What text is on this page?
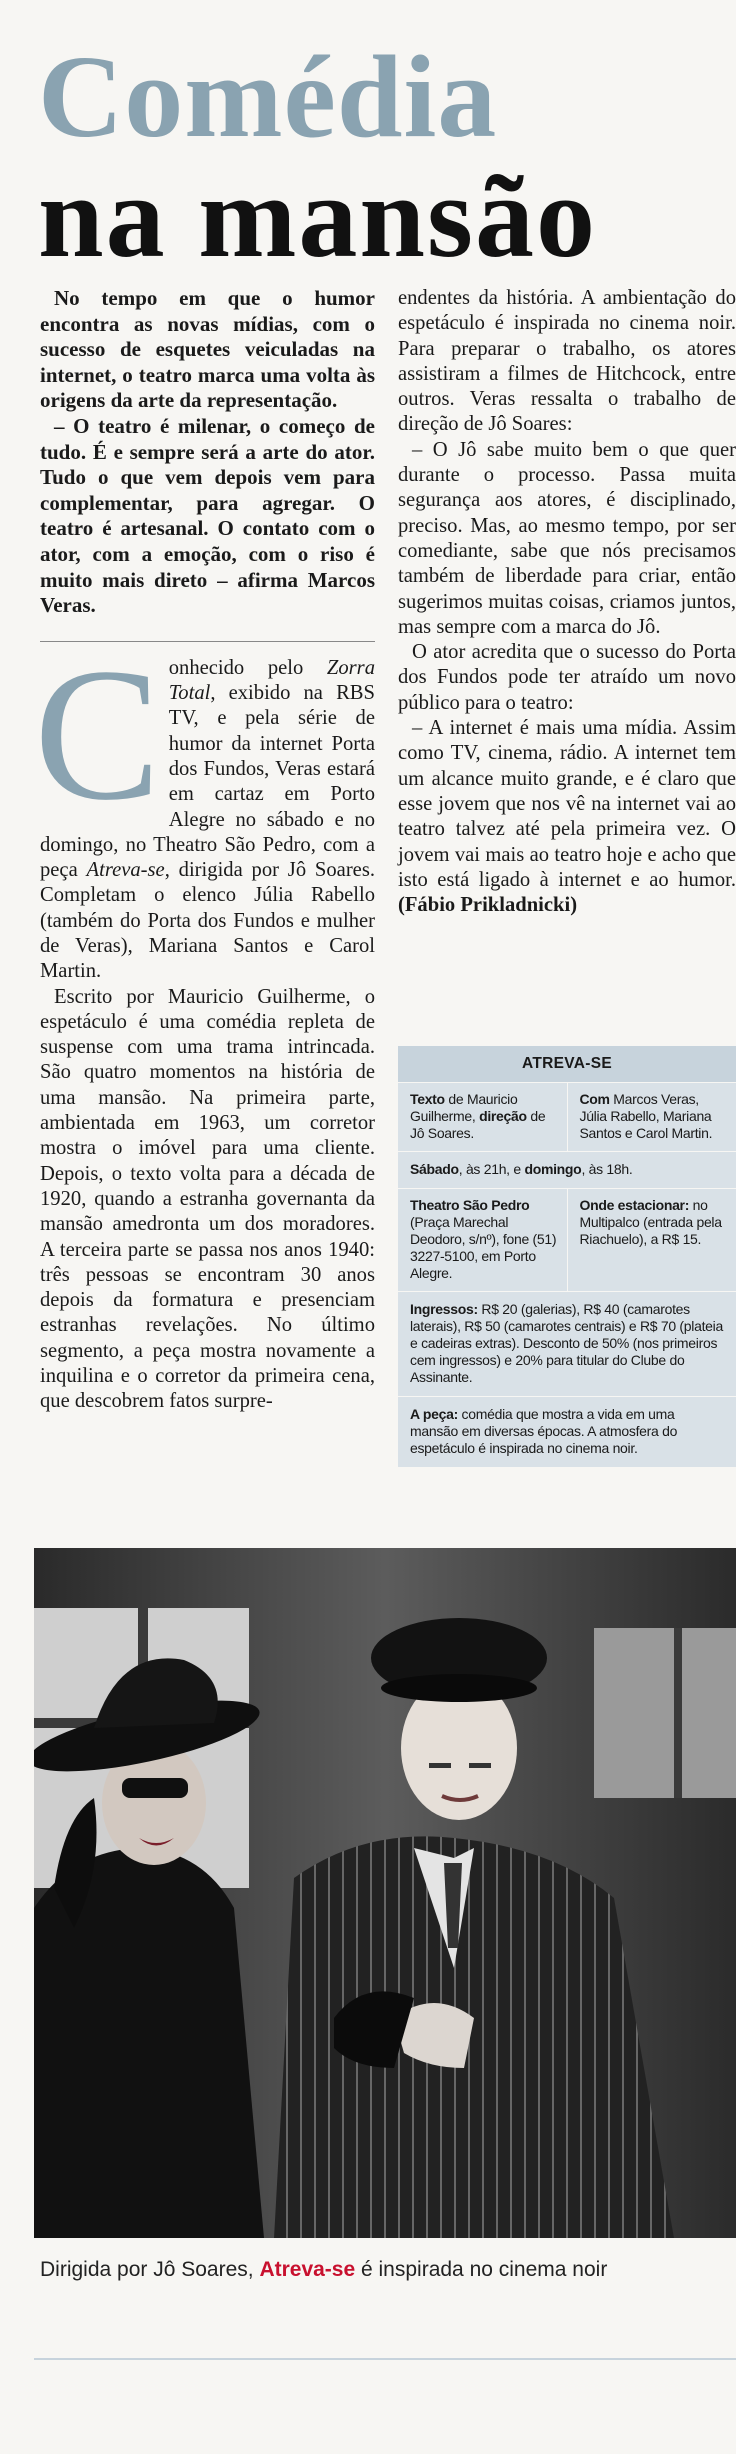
Comédia
na mansão

No tempo em que o humor encontra as novas mídias, com o sucesso de esquetes veiculadas na internet, o teatro marca uma volta às origens da arte da representação.

– O teatro é milenar, o começo de tudo. É e sempre será a arte do ator. Tudo o que vem depois vem para complementar, para agregar. O teatro é artesanal. O contato com o ator, com a emoção, com o riso é muito mais direto – afirma Marcos Veras.

Conhecido pelo Zorra Total, exibido na RBS TV, e pela série de humor da internet Porta dos Fundos, Veras estará em cartaz em Porto Alegre no sábado e no domingo, no Theatro São Pedro, com a peça Atreva-se, dirigida por Jô Soares. Completam o elenco Júlia Rabello (também do Porta dos Fundos e mulher de Veras), Mariana Santos e Carol Martin.

Escrito por Mauricio Guilherme, o espetáculo é uma comédia repleta de suspense com uma trama intrincada. São quatro momentos na história de uma mansão. Na primeira parte, ambientada em 1963, um corretor mostra o imóvel para uma cliente. Depois, o texto volta para a década de 1920, quando a estranha governanta da mansão amedronta um dos moradores. A terceira parte se passa nos anos 1940: três pessoas se encontram 30 anos depois da formatura e presenciam estranhas revelações. No último segmento, a peça mostra novamente a inquilina e o corretor da primeira cena, que descobrem fatos surpre-

endentes da história. A ambientação do espetáculo é inspirada no cinema noir. Para preparar o trabalho, os atores assistiram a filmes de Hitchcock, entre outros. Veras ressalta o trabalho de direção de Jô Soares:

– O Jô sabe muito bem o que quer durante o processo. Passa muita segurança aos atores, é disciplinado, preciso. Mas, ao mesmo tempo, por ser comediante, sabe que nós precisamos também de liberdade para criar, então sugerimos muitas coisas, criamos juntos, mas sempre com a marca do Jô.

O ator acredita que o sucesso do Porta dos Fundos pode ter atraído um novo público para o teatro:

– A internet é mais uma mídia. Assim como TV, cinema, rádio. A internet tem um alcance muito grande, e é claro que esse jovem que nos vê na internet vai ao teatro talvez até pela primeira vez. O jovem vai mais ao teatro hoje e acho que isto está ligado à internet e ao humor. (Fábio Prikladnicki)

ATREVA-SE
Texto de Mauricio Guilherme, direção de Jô Soares.
Com Marcos Veras, Júlia Rabello, Mariana Santos e Carol Martin.
Sábado, às 21h, e domingo, às 18h.
Theatro São Pedro (Praça Marechal Deodoro, s/nº), fone (51) 3227-5100, em Porto Alegre.
Onde estacionar: no Multipalco (entrada pela Riachuelo), a R$ 15.
Ingressos: R$ 20 (galerias), R$ 40 (camarotes laterais), R$ 50 (camarotes centrais) e R$ 70 (plateia e cadeiras extras). Desconto de 50% (nos primeiros cem ingressos) e 20% para titular do Clube do Assinante.
A peça: comédia que mostra a vida em uma mansão em diversas épocas. A atmosfera do espetáculo é inspirada no cinema noir.
Dirigida por Jô Soares, Atreva-se é inspirada no cinema noir
